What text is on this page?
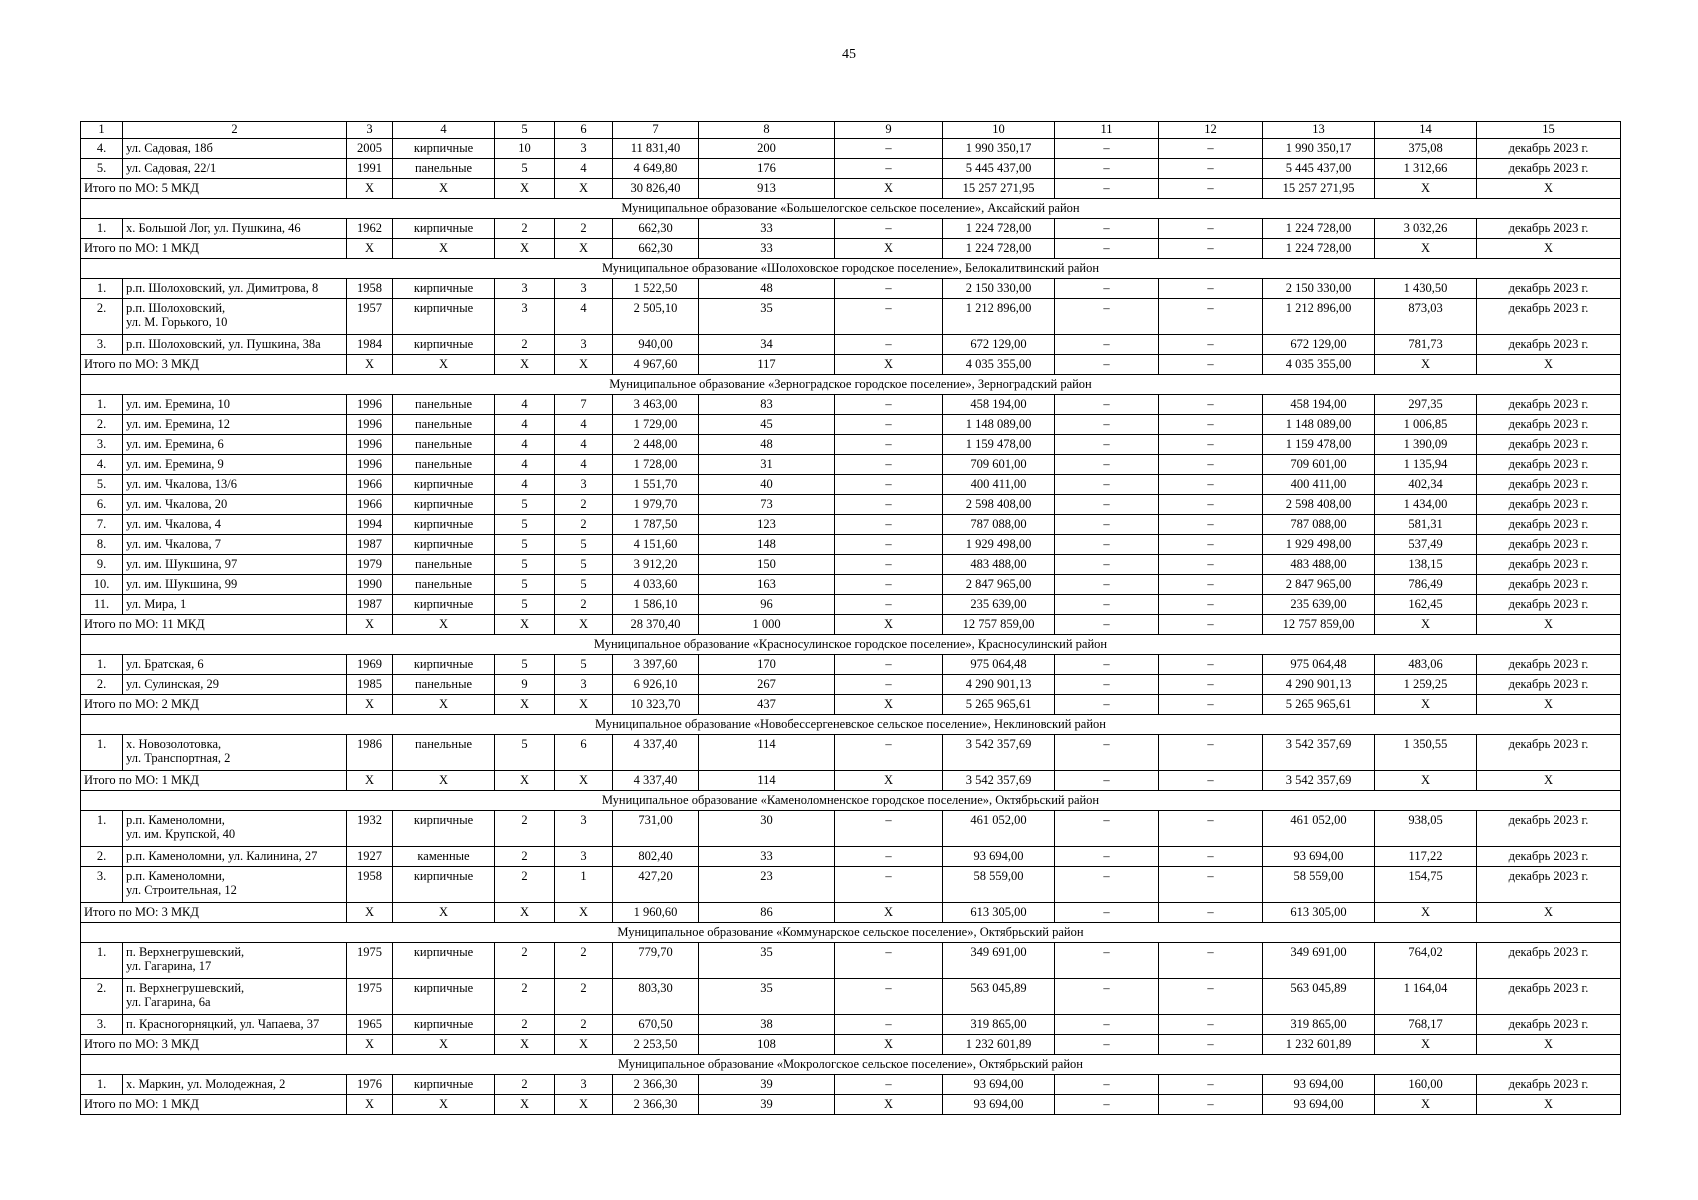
45
1	2	3	4	5	6	7	8	9	10	11	12	13	14	15
4.	ул. Садовая, 18б	2005	кирпичные	10	3	11 831,40	200	–	1 990 350,17	–	–	1 990 350,17	375,08	декабрь 2023 г.
5.	ул. Садовая, 22/1	1991	панельные	5	4	4 649,80	176	–	5 445 437,00	–	–	5 445 437,00	1 312,66	декабрь 2023 г.
Итого по МО: 5 МКД		X	X	X	X	30 826,40	913	X	15 257 271,95	–	–	15 257 271,95	X	X
Муниципальное образование «Большелогское сельское поселение», Аксайский район														
1.	х. Большой Лог, ул. Пушкина, 46	1962	кирпичные	2	2	662,30	33	–	1 224 728,00	–	–	1 224 728,00	3 032,26	декабрь 2023 г.
Итого по МО: 1 МКД		X	X	X	X	662,30	33	X	1 224 728,00	–	–	1 224 728,00	X	X
Муниципальное образование «Шолоховское городское поселение», Белокалитвинский район														
1.	р.п. Шолоховский, ул. Димитрова, 8	1958	кирпичные	3	3	1 522,50	48	–	2 150 330,00	–	–	2 150 330,00	1 430,50	декабрь 2023 г.
2.	р.п. Шолоховский,
ул. М. Горького, 10	1957	кирпичные	3	4	2 505,10	35	–	1 212 896,00	–	–	1 212 896,00	873,03	декабрь 2023 г.
3.	р.п. Шолоховский, ул. Пушкина, 38а	1984	кирпичные	2	3	940,00	34	–	672 129,00	–	–	672 129,00	781,73	декабрь 2023 г.
Итого по МО: 3 МКД		X	X	X	X	4 967,60	117	X	4 035 355,00	–	–	4 035 355,00	X	X
Муниципальное образование «Зерноградское городское поселение», Зерноградский район														
1.	ул. им. Еремина, 10	1996	панельные	4	7	3 463,00	83	–	458 194,00	–	–	458 194,00	297,35	декабрь 2023 г.
2.	ул. им. Еремина, 12	1996	панельные	4	4	1 729,00	45	–	1 148 089,00	–	–	1 148 089,00	1 006,85	декабрь 2023 г.
3.	ул. им. Еремина, 6	1996	панельные	4	4	2 448,00	48	–	1 159 478,00	–	–	1 159 478,00	1 390,09	декабрь 2023 г.
4.	ул. им. Еремина, 9	1996	панельные	4	4	1 728,00	31	–	709 601,00	–	–	709 601,00	1 135,94	декабрь 2023 г.
5.	ул. им. Чкалова, 13/6	1966	кирпичные	4	3	1 551,70	40	–	400 411,00	–	–	400 411,00	402,34	декабрь 2023 г.
6.	ул. им. Чкалова, 20	1966	кирпичные	5	2	1 979,70	73	–	2 598 408,00	–	–	2 598 408,00	1 434,00	декабрь 2023 г.
7.	ул. им. Чкалова, 4	1994	кирпичные	5	2	1 787,50	123	–	787 088,00	–	–	787 088,00	581,31	декабрь 2023 г.
8.	ул. им. Чкалова, 7	1987	кирпичные	5	5	4 151,60	148	–	1 929 498,00	–	–	1 929 498,00	537,49	декабрь 2023 г.
9.	ул. им. Шукшина, 97	1979	панельные	5	5	3 912,20	150	–	483 488,00	–	–	483 488,00	138,15	декабрь 2023 г.
10.	ул. им. Шукшина, 99	1990	панельные	5	5	4 033,60	163	–	2 847 965,00	–	–	2 847 965,00	786,49	декабрь 2023 г.
11.	ул. Мира, 1	1987	кирпичные	5	2	1 586,10	96	–	235 639,00	–	–	235 639,00	162,45	декабрь 2023 г.
Итого по МО: 11 МКД		X	X	X	X	28 370,40	1 000	X	12 757 859,00	–	–	12 757 859,00	X	X
Муниципальное образование «Красносулинское городское поселение», Красносулинский район														
1.	ул. Братская, 6	1969	кирпичные	5	5	3 397,60	170	–	975 064,48	–	–	975 064,48	483,06	декабрь 2023 г.
2.	ул. Сулинская, 29	1985	панельные	9	3	6 926,10	267	–	4 290 901,13	–	–	4 290 901,13	1 259,25	декабрь 2023 г.
Итого по МО: 2 МКД		X	X	X	X	10 323,70	437	X	5 265 965,61	–	–	5 265 965,61	X	X
Муниципальное образование «Новобессергеневское сельское поселение», Неклиновский район														
1.	х. Новозолотовка,
ул. Транспортная, 2	1986	панельные	5	6	4 337,40	114	–	3 542 357,69	–	–	3 542 357,69	1 350,55	декабрь 2023 г.
Итого по МО: 1 МКД		X	X	X	X	4 337,40	114	X	3 542 357,69	–	–	3 542 357,69	X	X
Муниципальное образование «Каменоломненское городское поселение», Октябрьский район														
1.	р.п. Каменоломни,
ул. им. Крупской, 40	1932	кирпичные	2	3	731,00	30	–	461 052,00	–	–	461 052,00	938,05	декабрь 2023 г.
2.	р.п. Каменоломни, ул. Калинина, 27	1927	каменные	2	3	802,40	33	–	93 694,00	–	–	93 694,00	117,22	декабрь 2023 г.
3.	р.п. Каменоломни,
ул. Строительная, 12	1958	кирпичные	2	1	427,20	23	–	58 559,00	–	–	58 559,00	154,75	декабрь 2023 г.
Итого по МО: 3 МКД		X	X	X	X	1 960,60	86	X	613 305,00	–	–	613 305,00	X	X
Муниципальное образование «Коммунарское сельское поселение», Октябрьский район														
1.	п. Верхнегрушевский,
ул. Гагарина, 17	1975	кирпичные	2	2	779,70	35	–	349 691,00	–	–	349 691,00	764,02	декабрь 2023 г.
2.	п. Верхнегрушевский,
ул. Гагарина, 6а	1975	кирпичные	2	2	803,30	35	–	563 045,89	–	–	563 045,89	1 164,04	декабрь 2023 г.
3.	п. Красногорняцкий, ул. Чапаева, 37	1965	кирпичные	2	2	670,50	38	–	319 865,00	–	–	319 865,00	768,17	декабрь 2023 г.
Итого по МО: 3 МКД		X	X	X	X	2 253,50	108	X	1 232 601,89	–	–	1 232 601,89	X	X
Муниципальное образование «Мокрологское сельское поселение», Октябрьский район														
1.	х. Маркин, ул. Молодежная, 2	1976	кирпичные	2	3	2 366,30	39	–	93 694,00	–	–	93 694,00	160,00	декабрь 2023 г.
Итого по МО: 1 МКД		X	X	X	X	2 366,30	39	X	93 694,00	–	–	93 694,00	X	X
